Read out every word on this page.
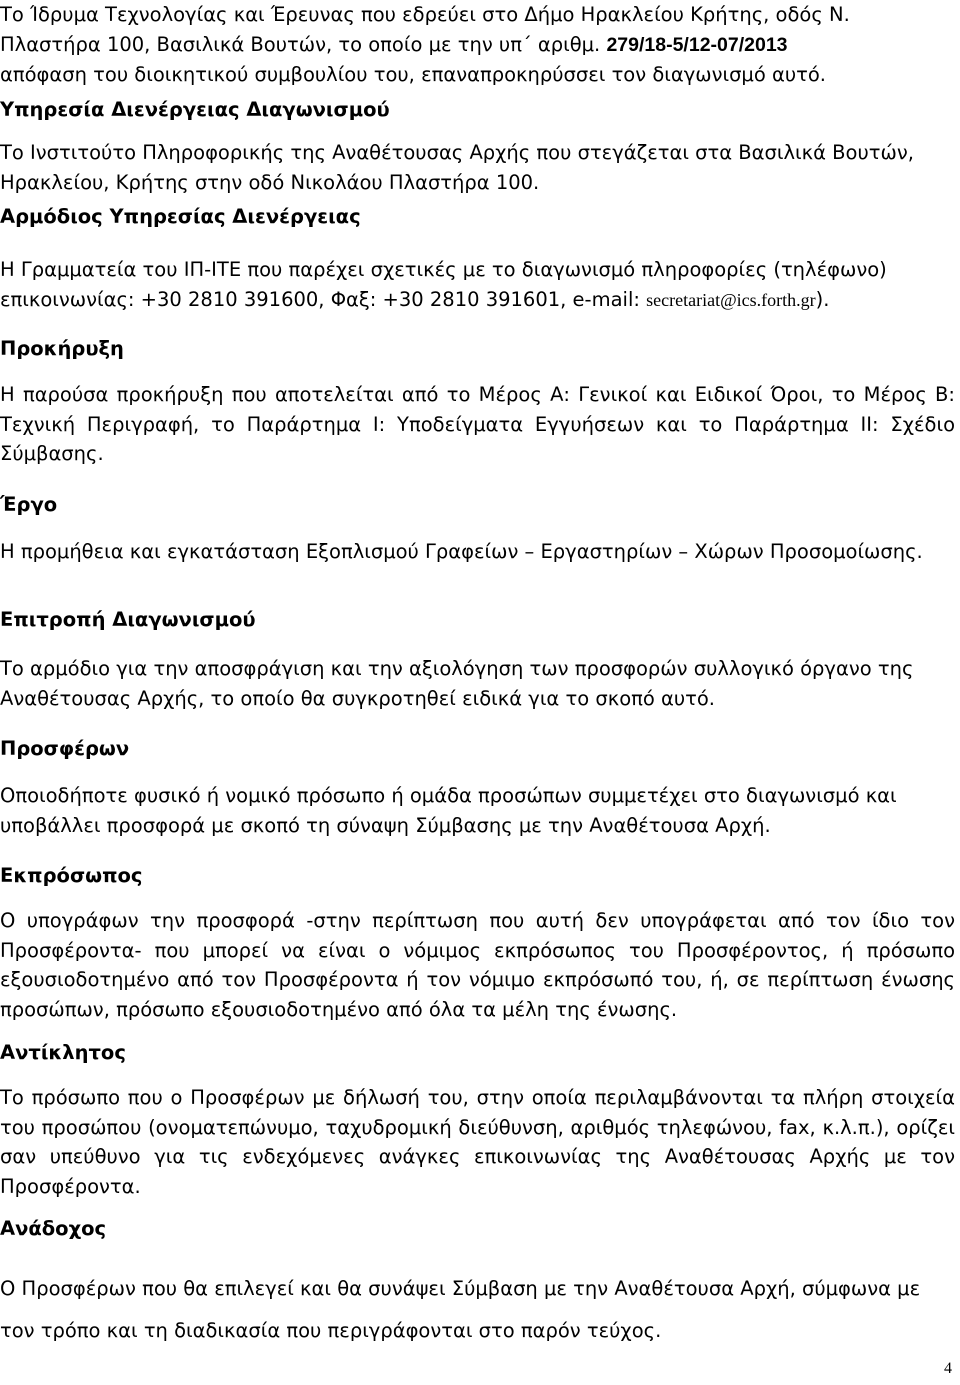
Το Ίδρυμα Τεχνολογίας και Έρευνας που εδρεύει στο Δήμο Ηρακλείου Κρήτης, οδός Ν.

Πλαστήρα 100, Βασιλικά Βουτών, το οποίο με την υπ΄ αριθμ. 279/18-5/12-07/2013

απόφαση του διοικητικού συμβουλίου του, επαναπροκηρύσσει τον διαγωνισμό αυτό.

Υπηρεσία Διενέργειας Διαγωνισμού

Το Ινστιτούτο Πληροφορικής της Αναθέτουσας Αρχής που στεγάζεται στα Βασιλικά Βουτών, Ηρακλείου, Κρήτης στην οδό Νικολάου Πλαστήρα 100.

Αρμόδιος Υπηρεσίας Διενέργειας

Η Γραμματεία του ΙΠ-ΙΤΕ που παρέχει σχετικές με το διαγωνισμό πληροφορίες (τηλέφωνο) επικοινωνίας: +30 2810 391600, Φαξ: +30 2810 391601, e-mail: secretariat@ics.forth.gr).

Προκήρυξη

Η παρούσα προκήρυξη που αποτελείται από το Μέρος Α: Γενικοί και Ειδικοί Όροι, το Μέρος Β: Τεχνική Περιγραφή, το Παράρτημα Ι: Υποδείγματα Εγγυήσεων και το Παράρτημα ΙΙ: Σχέδιο Σύμβασης.

Έργο

Η προμήθεια και εγκατάσταση Εξοπλισμού Γραφείων – Εργαστηρίων – Χώρων Προσομοίωσης.

Επιτροπή Διαγωνισμού

Το αρμόδιο για την αποσφράγιση και την αξιολόγηση των προσφορών συλλογικό όργανο της Αναθέτουσας Αρχής, το οποίο θα συγκροτηθεί ειδικά για το σκοπό αυτό.

Προσφέρων

Οποιοδήποτε φυσικό ή νομικό πρόσωπο ή ομάδα προσώπων συμμετέχει στο διαγωνισμό και υποβάλλει προσφορά με σκοπό τη σύναψη Σύμβασης με την Αναθέτουσα Αρχή.

Εκπρόσωπος

Ο υπογράφων την προσφορά -στην περίπτωση που αυτή δεν υπογράφεται από τον ίδιο τον Προσφέροντα- που μπορεί να είναι ο νόμιμος εκπρόσωπος του Προσφέροντος, ή πρόσωπο εξουσιοδοτημένο από τον Προσφέροντα ή τον νόμιμο εκπρόσωπό του, ή, σε περίπτωση ένωσης προσώπων, πρόσωπο εξουσιοδοτημένο από όλα τα μέλη της ένωσης.

Αντίκλητος

Το πρόσωπο που ο Προσφέρων με δήλωσή του, στην οποία περιλαμβάνονται τα πλήρη στοιχεία του προσώπου (ονοματεπώνυμο, ταχυδρομική διεύθυνση, αριθμός τηλεφώνου, fax, κ.λ.π.), ορίζει σαν υπεύθυνο για τις ενδεχόμενες ανάγκες επικοινωνίας της Αναθέτουσας Αρχής με τον Προσφέροντα.

Ανάδοχος

Ο Προσφέρων που θα επιλεγεί και θα συνάψει Σύμβαση με την Αναθέτουσα Αρχή, σύμφωνα με τον τρόπο και τη διαδικασία που περιγράφονται στο παρόν τεύχος.

4
